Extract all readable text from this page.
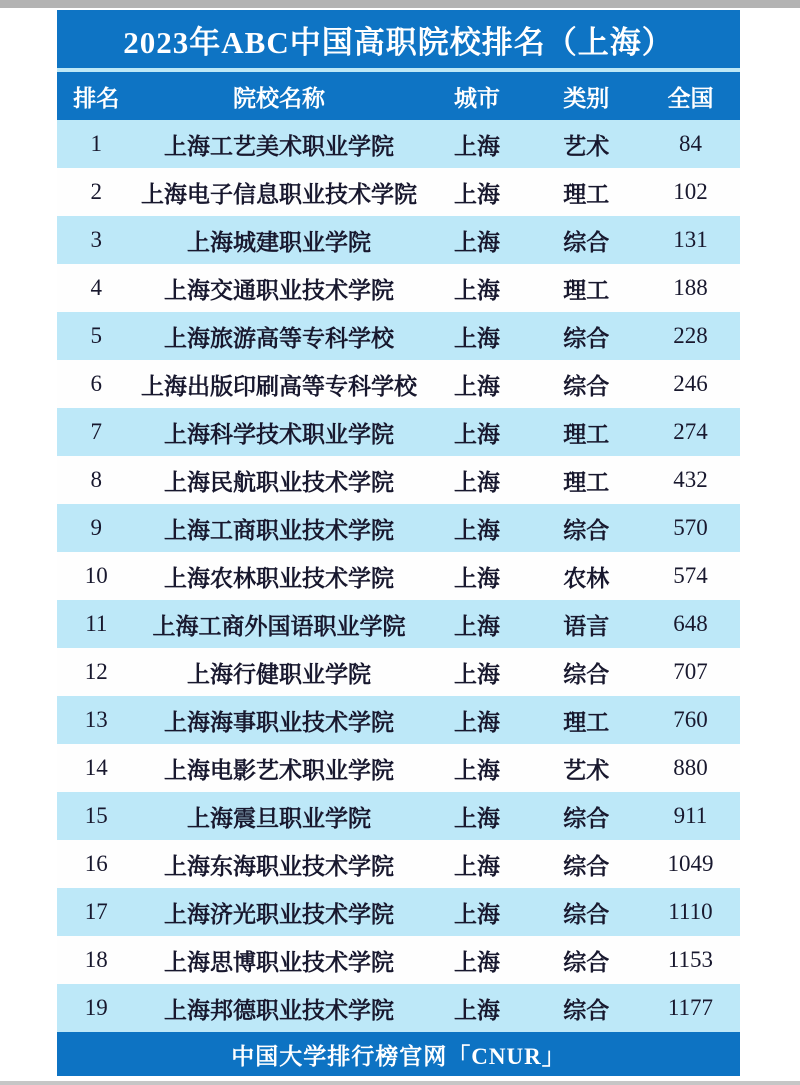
2023年ABC中国高职院校排名（上海）
排名	院校名称	城市	类别	全国
1	上海工艺美术职业学院	上海	艺术	84
2	上海电子信息职业技术学院	上海	理工	102
3	上海城建职业学院	上海	综合	131
4	上海交通职业技术学院	上海	理工	188
5	上海旅游高等专科学校	上海	综合	228
6	上海出版印刷高等专科学校	上海	综合	246
7	上海科学技术职业学院	上海	理工	274
8	上海民航职业技术学院	上海	理工	432
9	上海工商职业技术学院	上海	综合	570
10	上海农林职业技术学院	上海	农林	574
11	上海工商外国语职业学院	上海	语言	648
12	上海行健职业学院	上海	综合	707
13	上海海事职业技术学院	上海	理工	760
14	上海电影艺术职业学院	上海	艺术	880
15	上海震旦职业学院	上海	综合	911
16	上海东海职业技术学院	上海	综合	1049
17	上海济光职业技术学院	上海	综合	1110
18	上海思博职业技术学院	上海	综合	1153
19	上海邦德职业技术学院	上海	综合	1177
中国大学排行榜官网「CNUR」
